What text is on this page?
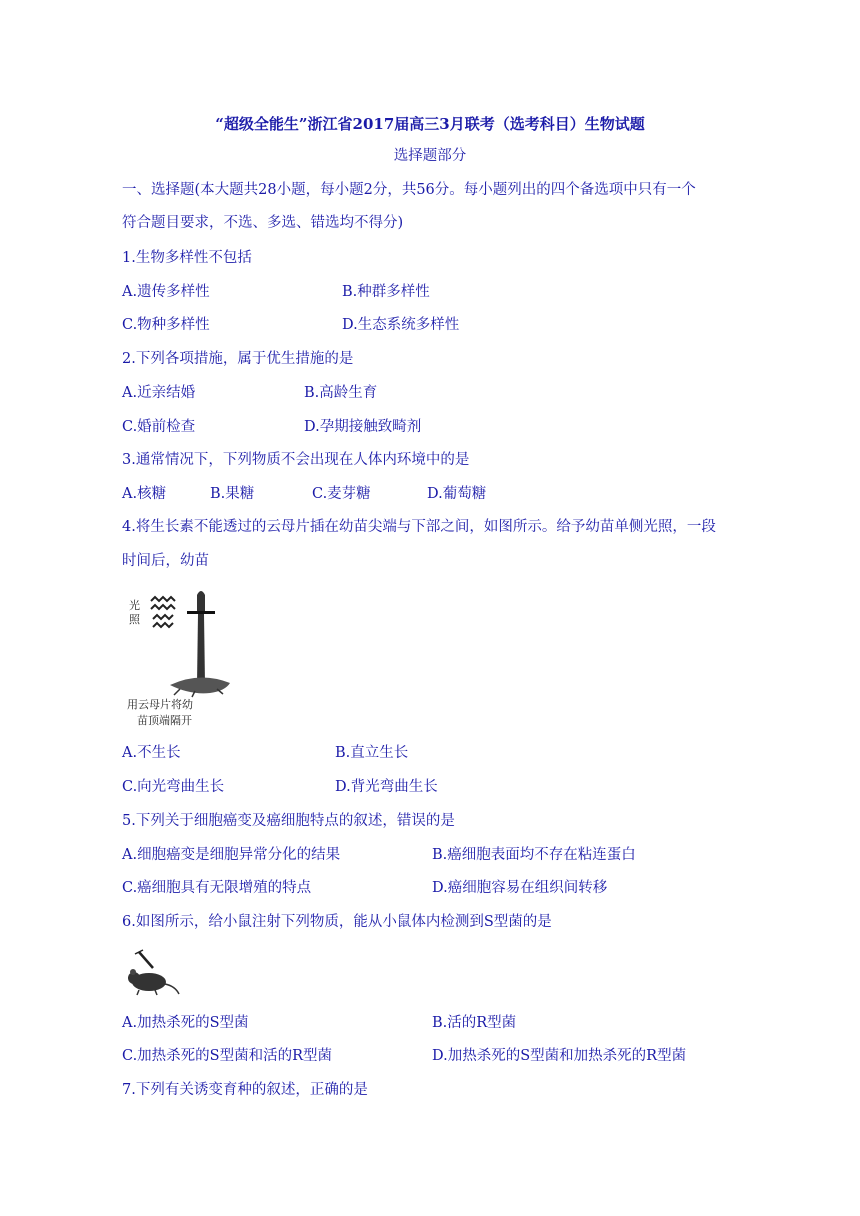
“超级全能生”浙江省2017届高三3月联考（选考科目）生物试题
选择题部分
一、选择题(本大题共28小题，每小题2分，共56分。每小题列出的四个备选项中只有一个
符合题目要求，不选、多选、错选均不得分)
1.生物多样性不包括
A.遗传多样性	B.种群多样性
C.物种多样性	D.生态系统多样性
2.下列各项措施，属于优生措施的是
A.近亲结婚	B.高龄生育
C.婚前检查	D.孕期接触致畸剂
3.通常情况下，下列物质不会出现在人体内环境中的是
A.核糖	B.果糖	C.麦芽糖	D.葡萄糖
4.将生长素不能透过的云母片插在幼苗尖端与下部之间，如图所示。给予幼苗单侧光照，一段
时间后，幼苗
光
照
用云母片将幼
苗顶端隔开
A.不生长	B.直立生长
C.向光弯曲生长	D.背光弯曲生长
5.下列关于细胞癌变及癌细胞特点的叙述，错误的是
A.细胞癌变是细胞异常分化的结果	B.癌细胞表面均不存在粘连蛋白
C.癌细胞具有无限增殖的特点	D.癌细胞容易在组织间转移
6.如图所示，给小鼠注射下列物质，能从小鼠体内检测到S型菌的是
A.加热杀死的S型菌	B.活的R型菌
C.加热杀死的S型菌和活的R型菌	D.加热杀死的S型菌和加热杀死的R型菌
7.下列有关诱变育种的叙述，正确的是
